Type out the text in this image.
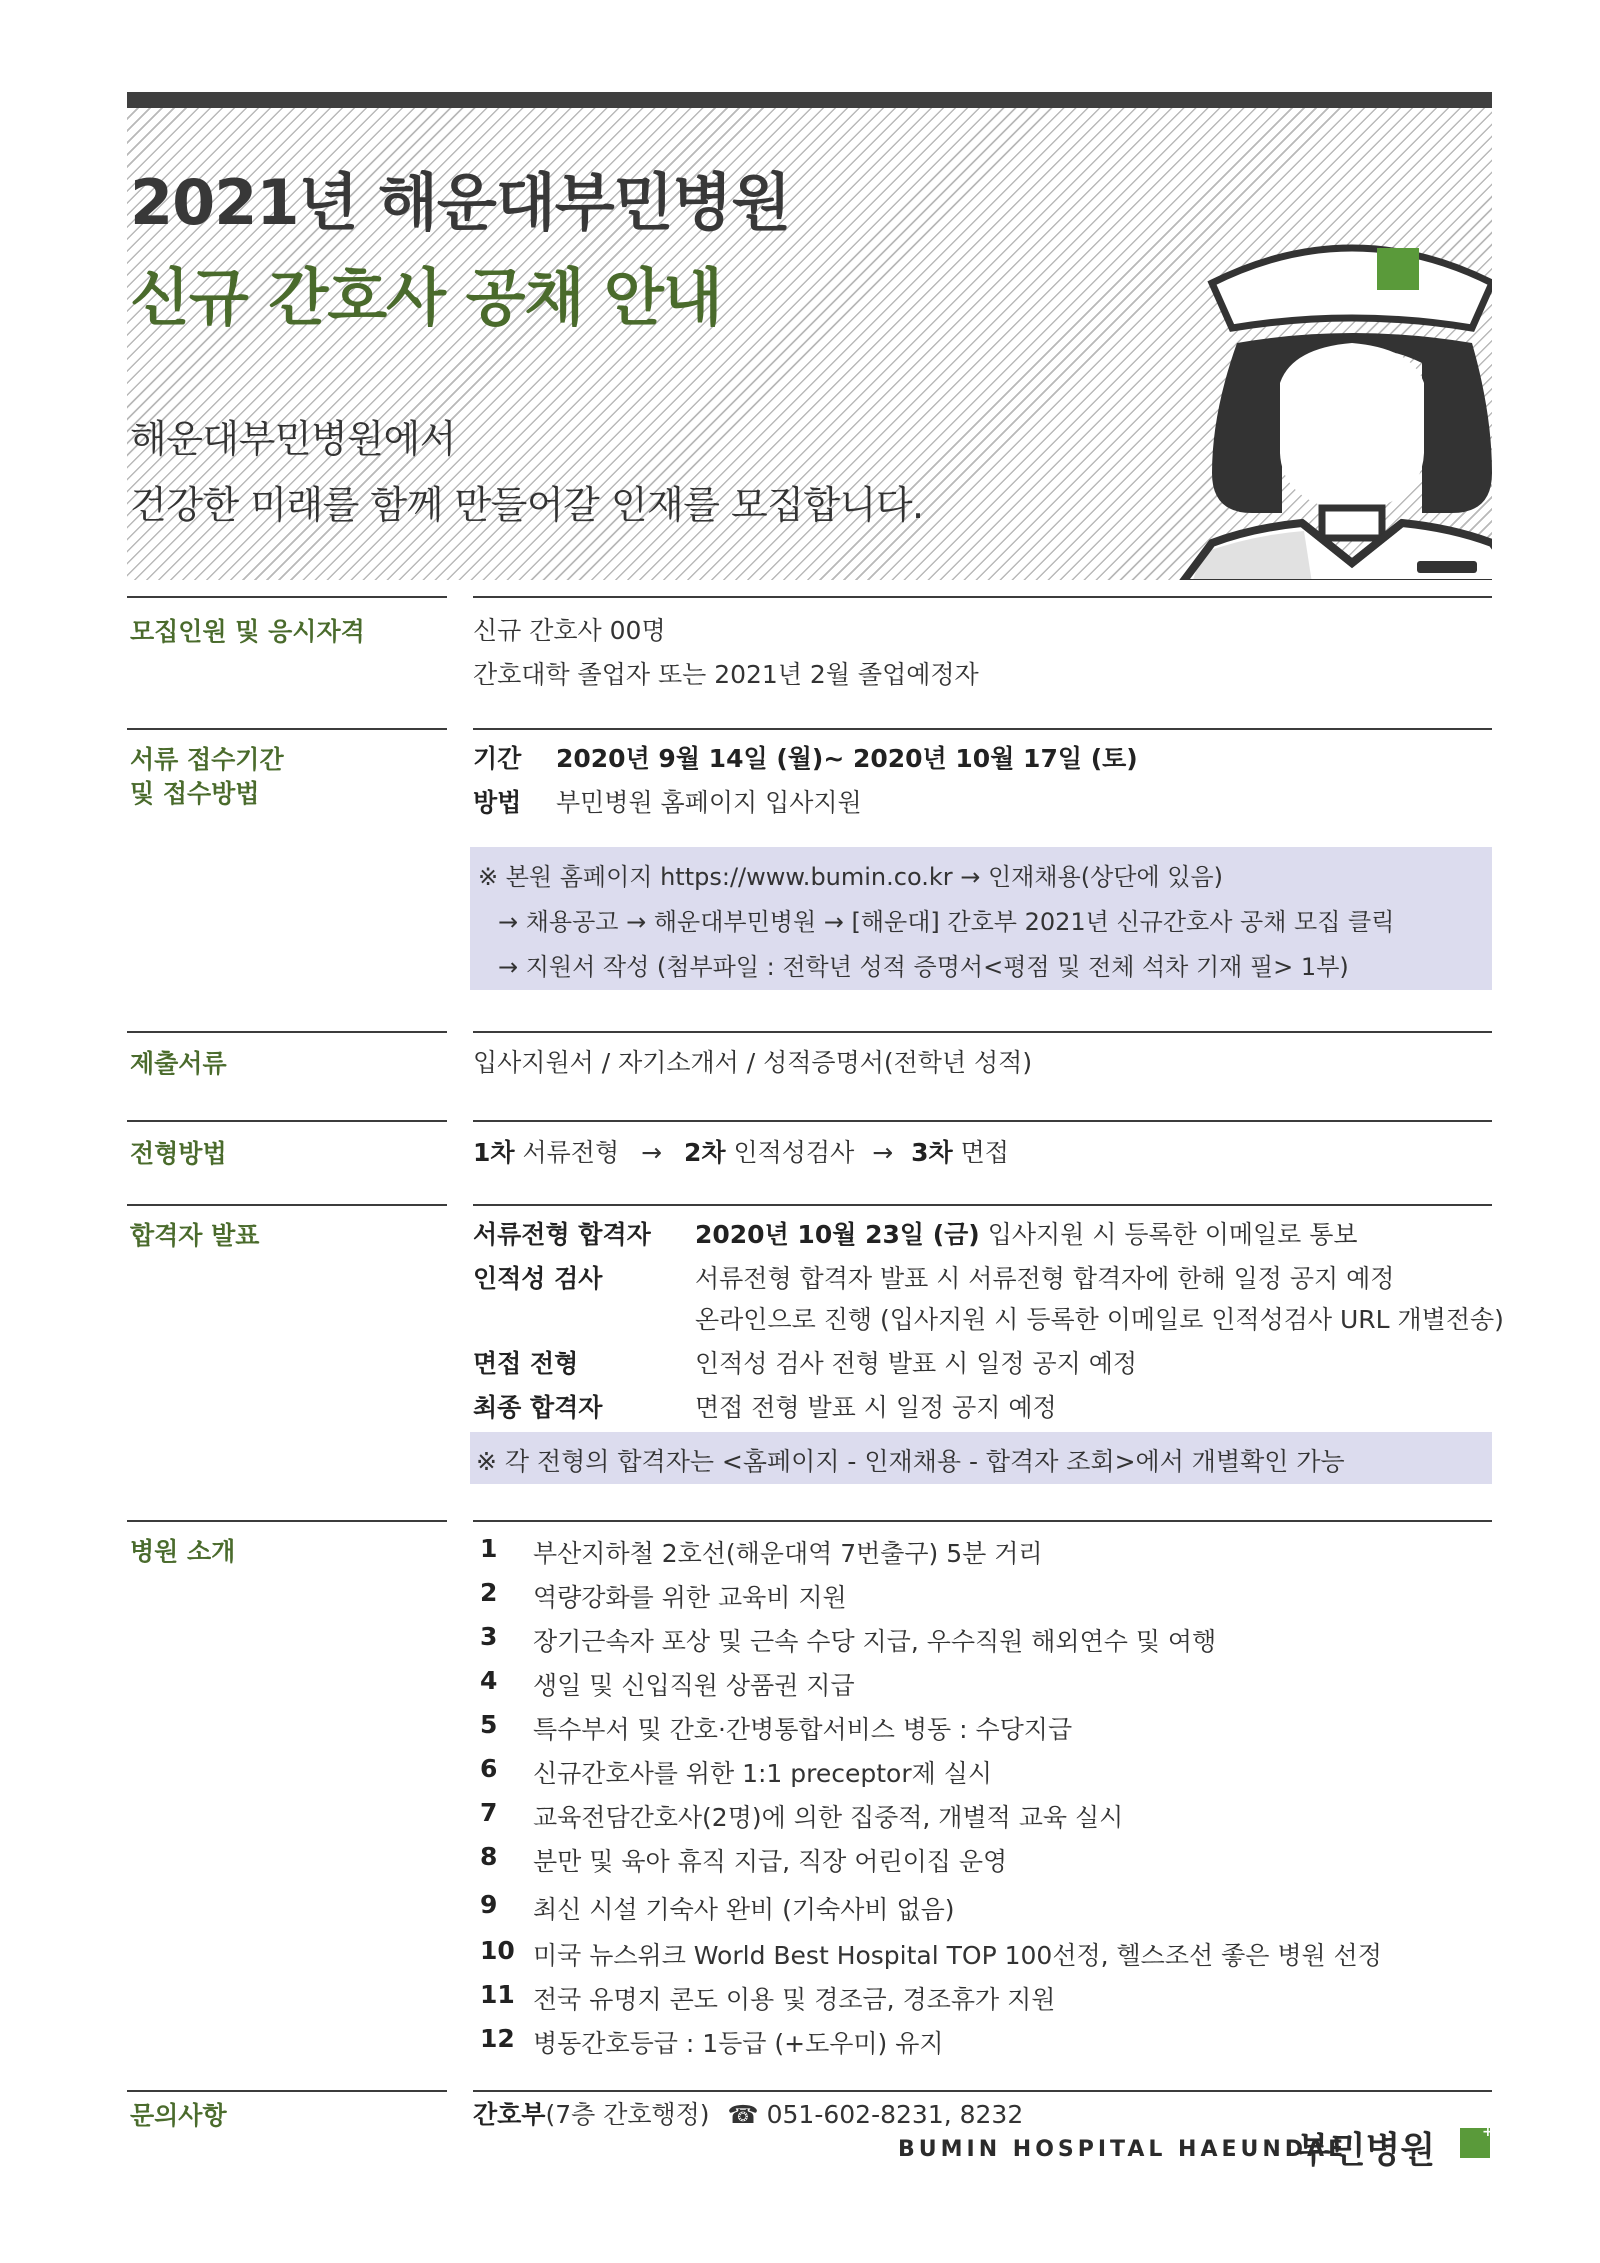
2021년 해운대부민병원
신규 간호사 공채 안내
해운대부민병원에서
건강한 미래를 함께 만들어갈 인재를 모집합니다.
모집인원 및 응시자격	신규 간호사 00명
간호대학 졸업자 또는 2021년 2월 졸업예정자
서류 접수기간
및 접수방법
기간 2020년 9월 14일 (월)~ 2020년 10월 17일 (토)
방법 부민병원 홈페이지 입사지원
※ 본원 홈페이지 https://www.bumin.co.kr → 인재채용(상단에 있음)
→ 채용공고 → 해운대부민병원 → [해운대] 간호부 2021년 신규간호사 공채 모집 클릭
→ 지원서 작성 (첨부파일 : 전학년 성적 증명서<평점 및 전체 석차 기재 필> 1부)
제출서류	입사지원서 / 자기소개서 / 성적증명서(전학년 성적)
전형방법	1차 서류전형 → 2차 인적성검사 → 3차 면접
합격자 발표	서류전형 합격자 2020년 10월 23일 (금) 입사지원 시 등록한 이메일로 통보
인적성 검사	서류전형 합격자 발표 시 서류전형 합격자에 한해 일정 공지 예정
온라인으로 진행 (입사지원 시 등록한 이메일로 인적성검사 URL 개별전송)
면접 전형	인적성 검사 전형 발표 시 일정 공지 예정
최종 합격자	면접 전형 발표 시 일정 공지 예정
※ 각 전형의 합격자는 <홈페이지 - 인재채용 - 합격자 조회>에서 개별확인 가능
병원 소개	1	부산지하철 2호선(해운대역 7번출구) 5분 거리
2	역량강화를 위한 교육비 지원
3	장기근속자 포상 및 근속 수당 지급, 우수직원 해외연수 및 여행
4	생일 및 신입직원 상품권 지급
5	특수부서 및 간호·간병통합서비스 병동 : 수당지급
6	신규간호사를 위한 1:1 preceptor제 실시
7	교육전담간호사(2명)에 의한 집중적, 개별적 교육 실시
8	분만 및 육아 휴직 지급, 직장 어린이집 운영
9	최신 시설 기숙사 완비 (기숙사비 없음)
10 미국 뉴스위크 World Best Hospital TOP 100선정, 헬스조선 좋은 병원 선정
11 전국 유명지 콘도 이용 및 경조금, 경조휴가 지원
12 병동간호등급 : 1등급 (+도우미) 유지
문의사항	간호부(7층 간호행정) ☎ 051-602-8231, 8232
BUMIN HOSPITAL HAEUNDAE
부민병원	+
